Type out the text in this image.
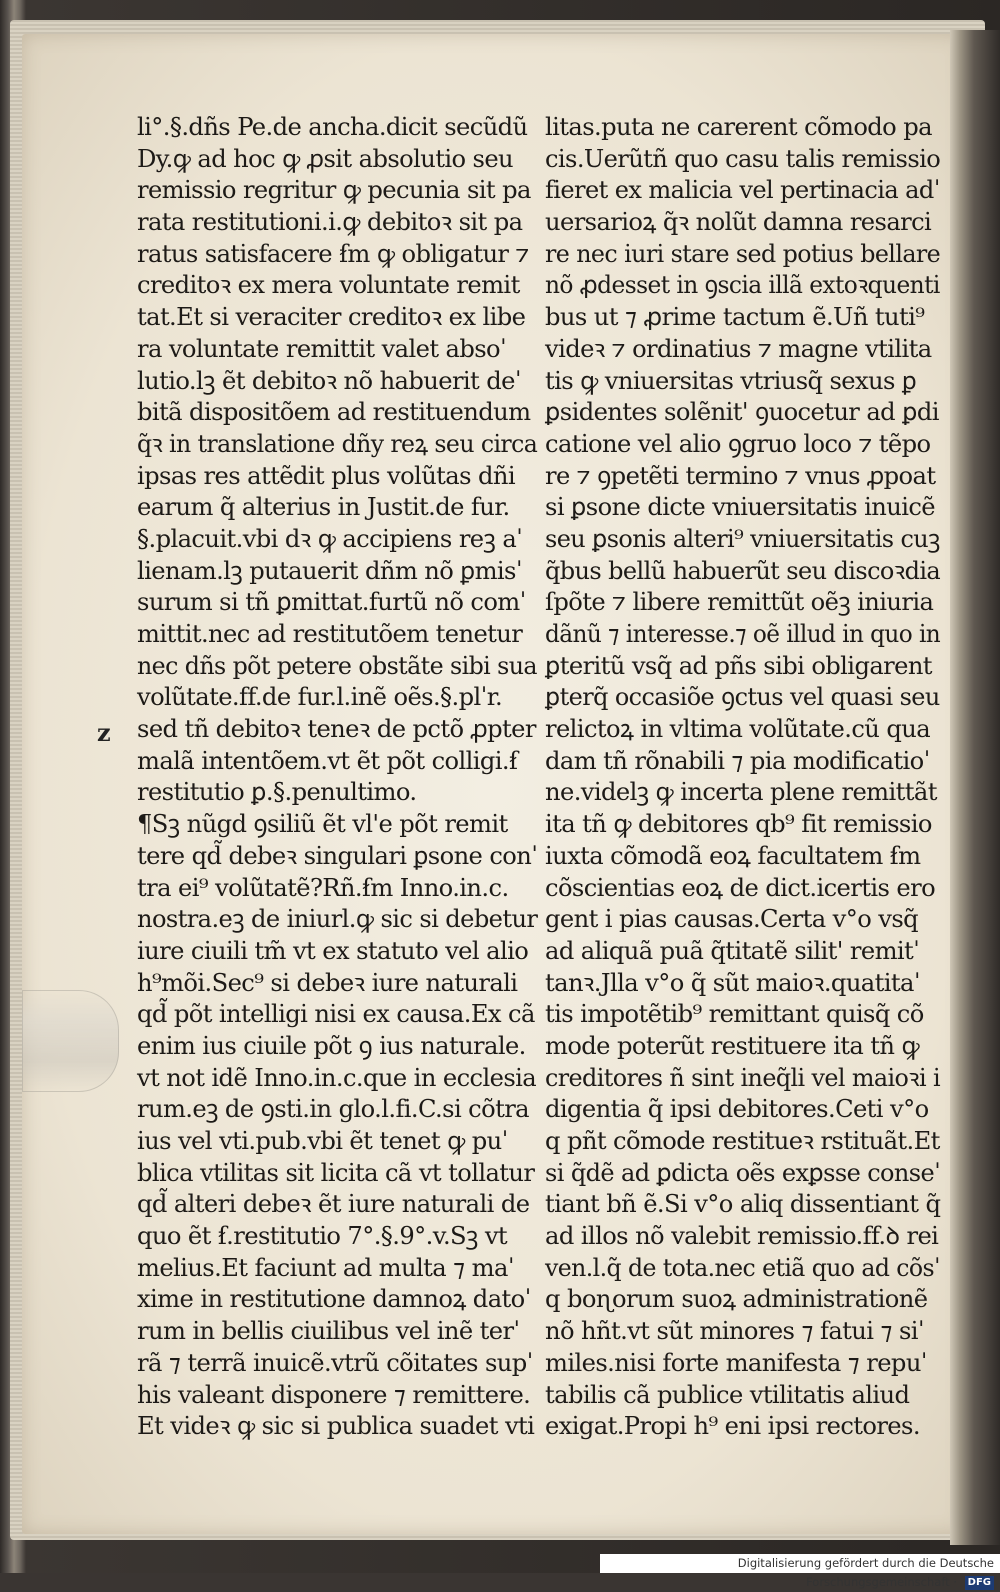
li°.§.dñs Pe.de ancha.dicit secũdũ
Dy.ꝙ ad hoc ꝙ ꝓsit absolutio seu
remissio regritur ꝙ pecunia sit pa
rata restitutioni.i.ꝙ debitoꝛ sit pa
ratus satisfacere ẜm ꝙ obligatur ⁊
creditoꝛ ex mera voluntate remit
tat.Et si veraciter creditoꝛ ex libe
ra voluntate remittit valet absoˈ
lutio.lꝫ ẽt debitoꝛ nõ habuerit deˈ
bitã dispositõem ad restituendum
q̃ꝛ in translatione dñy reꝝ seu circa
ipsas res attẽdit plus volũtas dñi
earum q̃ alterius in Justit.de fur.
§.placuit.vbi dꝛ ꝙ accipiens reꝫ aˈ
lienam.lꝫ putauerit dñm nõ ꝑmisˈ
surum si tñ ꝑmittat.furtũ nõ comˈ
mittit.nec ad restitutõem tenetur
nec dñs põt petere obstãte sibi sua
volũtate.ff.de fur.l.inẽ oẽs.§.plˈr.
sed tñ debitoꝛ teneꝛ de pctõ ꝓpter
malã intentõem.vt ẽt põt colligi.ẜ
restitutio ꝑ.§.penultimo.
¶Sꝫ nũgd ꝯsiliũ ẽt vl'e põt remit
tere qd̃ debeꝛ singulari ꝑsone conˈ
tra ei⁹ volũtatẽ?Rñ.ẜm Inno.in.c.
nostra.eꝫ de iniurl.ꝙ sic si debetur
iure ciuili tm̃ vt ex statuto vel alio
h⁹mõi.Sec⁹ si debeꝛ iure naturali
qd̃ põt intelligi nisi ex causa.Ex cã
enim ius ciuile põt ꝯ ius naturale.
vt not idẽ Inno.in.c.que in ecclesia
rum.eꝫ de ꝯsti.in glo.l.fi.C.si cõtra
ius vel vti.pub.vbi ẽt tenet ꝙ puˈ
blica vtilitas sit licita cã vt tollatur
qd̃ alteri debeꝛ ẽt iure naturali de
quo ẽt ẜ.restitutio 7°.§.9°.v.Sꝫ vt
melius.Et faciunt ad multa ⁊ maˈ
xime in restitutione damnoꝝ datoˈ
rum in bellis ciuilibus vel inẽ terˈ
rã ⁊ terrã inuicẽ.vtrũ cõitates supˈ
his valeant disponere ⁊ remittere.
Et videꝛ ꝙ sic si publica suadet vti
litas.puta ne carerent cõmodo pa
cis.Uerũtñ quo casu talis remissio
fieret ex malicia vel pertinacia adˈ
uersarioꝝ q̃ꝛ nolũt damna resarci
re nec iuri stare sed potius bellare
nõ ꝓdesset in ꝯscia illã extoꝛquenti
bus ut ⁊ ꝓrime tactum ẽ.Uñ tuti⁹
videꝛ ⁊ ordinatius ⁊ magne vtilita
tis ꝙ vniuersitas vtriusq̃ sexus ꝑ
ꝑsidentes solẽnit' ꝯuocetur ad ꝑdi
catione vel alio ꝯgruo loco ⁊ tẽpo
re ⁊ ꝯpetẽti termino ⁊ vnus ꝓpoat
si ꝑsone dicte vniuersitatis inuicẽ
seu ꝑsonis alteri⁹ vniuersitatis cuꝫ
q̃bus bellũ habuerũt seu discoꝛdia
ſpõte ⁊ libere remittũt oẽꝫ iniuria
dãnũ ⁊ interesse.⁊ oẽ illud in quo in
ꝑteritũ vsq̃ ad pñs sibi obligarent
ꝑterq̃ occasiõe ꝯctus vel quasi seu
relictoꝝ in vltima volũtate.cũ qua
dam tñ rõnabili ⁊ pia modificatioˈ
ne.videlꝫ ꝙ incerta plene remittãt
ita tñ ꝙ debitores qb⁹ fit remissio
iuxta cõmodã eoꝝ facultatem ẜm
cõscientias eoꝝ de dict.icertis ero
gent i pias causas.Certa v°o vsq̃
ad aliquã puã q̃titatẽ silit' remitˈ
tanꝛ.Jlla v°o q̃ sũt maioꝛ.quatitaˈ
tis impotẽtib⁹ remittant quisq̃ cõ
mode poterũt restituere ita tñ ꝙ
creditores ñ sint ineq̃li vel maioꝛi i
digentia q̃ ipsi debitores.Ceti v°o
q pñt cõmode restitueꝛ rstituãt.Et
si q̃dẽ ad ꝑdicta oẽs exꝑsse conseˈ
tiant bñ ẽ.Si v°o aliq dissentiant q̃
ad illos nõ valebit remissio.ff.ꝺ rei
ven.l.q̃ de tota.nec etiã quo ad cõsˈ
q boɳorum suoꝝ administrationẽ
nõ hñt.vt sũt minores ⁊ fatui ⁊ siˈ
miles.nisi forte manifesta ⁊ repuˈ
tabilis cã publice vtilitatis aliud
exigat.Propi h⁹ eni ipsi rectores.
z
Digitalisierung gefördert durch die Deutsche Forschungsgemeinschaft · DFG
